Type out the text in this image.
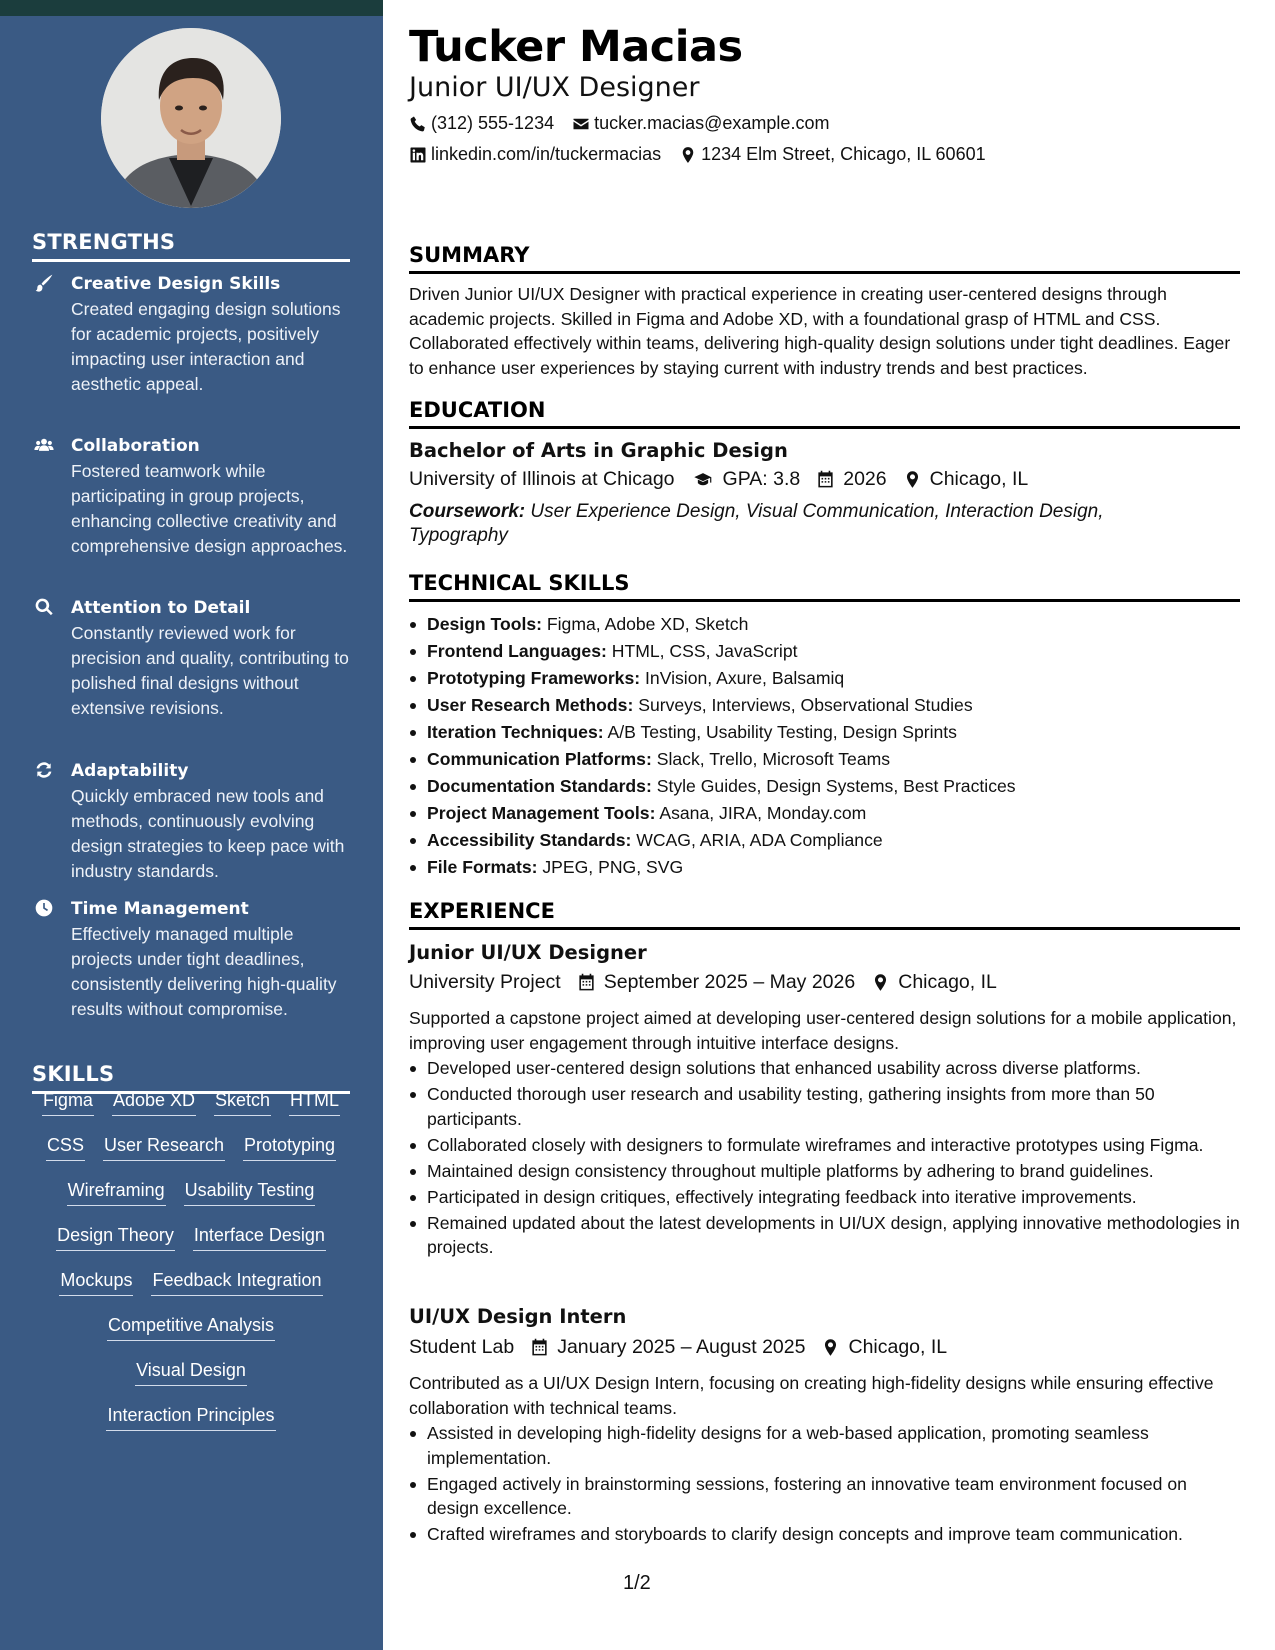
STRENGTHS
Creative Design Skills
Created engaging design solutions for academic projects, positively impacting user interaction and aesthetic appeal.
Collaboration
Fostered teamwork while participating in group projects, enhancing collective creativity and comprehensive design approaches.
Attention to Detail
Constantly reviewed work for precision and quality, contributing to polished final designs without extensive revisions.
Adaptability
Quickly embraced new tools and methods, continuously evolving design strategies to keep pace with industry standards.
Time Management
Effectively managed multiple projects under tight deadlines, consistently delivering high-quality results without compromise.
SKILLS
Figma Adobe XD Sketch HTML
CSS User Research Prototyping
Wireframing Usability Testing
Design Theory Interface Design
Mockups Feedback Integration
Competitive Analysis
Visual Design
Interaction Principles
Tucker Macias
Junior UI/UX Designer
(312) 555-1234 tucker.macias@example.com
linkedin.com/in/tuckermacias 1234 Elm Street, Chicago, IL 60601
SUMMARY

Driven Junior UI/UX Designer with practical experience in creating user-centered designs through academic projects. Skilled in Figma and Adobe XD, with a foundational grasp of HTML and CSS. Collaborated effectively within teams, delivering high-quality design solutions under tight deadlines. Eager to enhance user experiences by staying current with industry trends and best practices.

EDUCATION
Bachelor of Arts in Graphic Design
University of Illinois at Chicago GPA: 3.8 2026 Chicago, IL

Coursework: User Experience Design, Visual Communication, Interaction Design, Typography

TECHNICAL SKILLS
Design Tools: Figma, Adobe XD, Sketch
Frontend Languages: HTML, CSS, JavaScript
Prototyping Frameworks: InVision, Axure, Balsamiq
User Research Methods: Surveys, Interviews, Observational Studies
Iteration Techniques: A/B Testing, Usability Testing, Design Sprints
Communication Platforms: Slack, Trello, Microsoft Teams
Documentation Standards: Style Guides, Design Systems, Best Practices
Project Management Tools: Asana, JIRA, Monday.com
Accessibility Standards: WCAG, ARIA, ADA Compliance
File Formats: JPEG, PNG, SVG
EXPERIENCE
Junior UI/UX Designer
University Project September 2025 – May 2026 Chicago, IL

Supported a capstone project aimed at developing user-centered design solutions for a mobile application, improving user engagement through intuitive interface designs.

Developed user-centered design solutions that enhanced usability across diverse platforms.
Conducted thorough user research and usability testing, gathering insights from more than 50 participants.
Collaborated closely with designers to formulate wireframes and interactive prototypes using Figma.
Maintained design consistency throughout multiple platforms by adhering to brand guidelines.
Participated in design critiques, effectively integrating feedback into iterative improvements.
Remained updated about the latest developments in UI/UX design, applying innovative methodologies in projects.
UI/UX Design Intern
Student Lab January 2025 – August 2025 Chicago, IL

Contributed as a UI/UX Design Intern, focusing on creating high-fidelity designs while ensuring effective collaboration with technical teams.

Assisted in developing high-fidelity designs for a web-based application, promoting seamless implementation.
Engaged actively in brainstorming sessions, fostering an innovative team environment focused on design excellence.
Crafted wireframes and storyboards to clarify design concepts and improve team communication.
1/2
